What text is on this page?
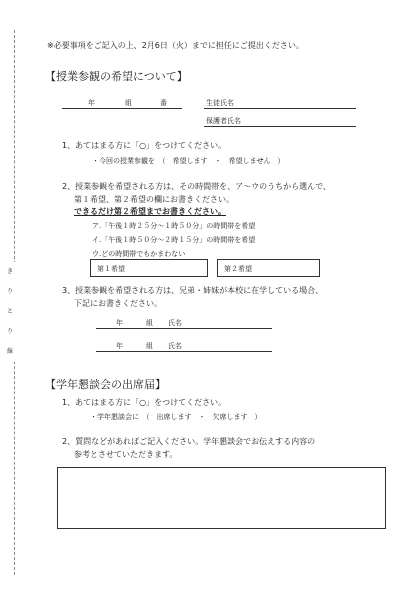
き
り
と
り
線
※必要事項をご記入の上、2月6日（火）までに担任にご提出ください。
【授業参観の希望について】
年	組	番	生徒氏名
保護者氏名
1、あてはまる方に「○」をつけてください。
・今回の授業参観を　（　希望します　・　希望しません　）
2、授業参観を希望される方は、その時間帯を、ア～ウのうちから選んで、
第１希望、第２希望の欄にお書きください。
できるだけ第２希望までお書きください。
ア.「午後１時２５分～１時５０分」の時間帯を希望
イ.「午後１時５０分～２時１５分」の時間帯を希望
ウ.どの時間帯でもかまわない
第１希望	第２希望
3、授業参観を希望される方は、兄弟・姉妹が本校に在学している場合、
下記にお書きください。
年	組 氏名
年	組 氏名
【学年懇談会の出席届】
1、あてはまる方に「○」をつけてください。
・学年懇談会に　（　出席します　・　欠席します　）
2、質問などがあればご記入ください。学年懇談会でお伝えする内容の
参考とさせていただきます。
